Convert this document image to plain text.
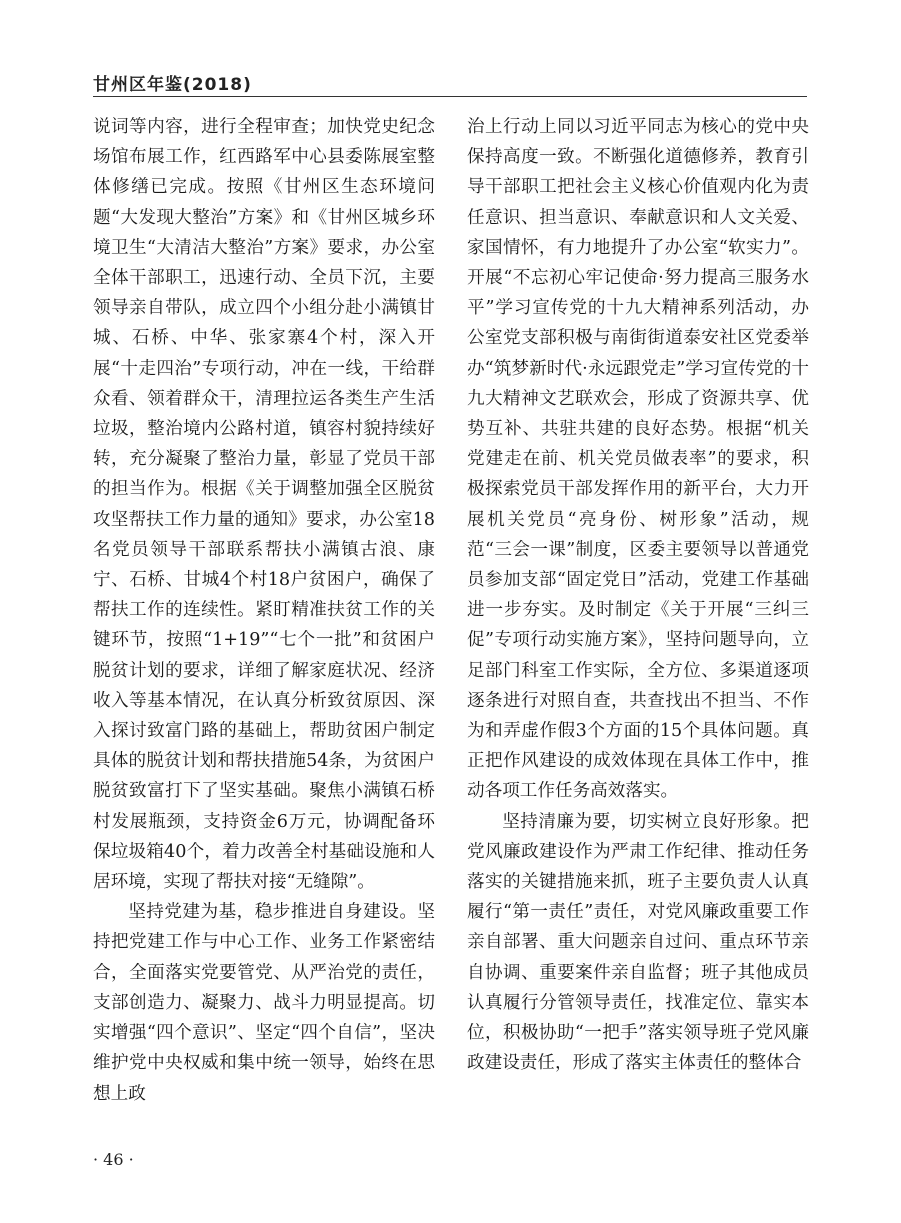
甘州区年鉴(2018)

说词等内容，进行全程审查；加快党史纪念场馆布展工作，红西路军中心县委陈展室整体修缮已完成。按照《甘州区生态环境问题“大发现大整治”方案》和《甘州区城乡环境卫生“大清洁大整治”方案》要求，办公室全体干部职工，迅速行动、全员下沉，主要领导亲自带队，成立四个小组分赴小满镇甘城、石桥、中华、张家寨4个村，深入开展“十走四治”专项行动，冲在一线，干给群众看、领着群众干，清理拉运各类生产生活垃圾，整治境内公路村道，镇容村貌持续好转，充分凝聚了整治力量，彰显了党员干部的担当作为。根据《关于调整加强全区脱贫攻坚帮扶工作力量的通知》要求，办公室18名党员领导干部联系帮扶小满镇古浪、康宁、石桥、甘城4个村18户贫困户，确保了帮扶工作的连续性。紧盯精准扶贫工作的关键环节，按照“1+19”“七个一批”和贫困户脱贫计划的要求，详细了解家庭状况、经济收入等基本情况，在认真分析致贫原因、深入探讨致富门路的基础上，帮助贫困户制定具体的脱贫计划和帮扶措施54条，为贫困户脱贫致富打下了坚实基础。聚焦小满镇石桥村发展瓶颈，支持资金6万元，协调配备环保垃圾箱40个，着力改善全村基础设施和人居环境，实现了帮扶对接“无缝隙”。

坚持党建为基，稳步推进自身建设。坚持把党建工作与中心工作、业务工作紧密结合，全面落实党要管党、从严治党的责任，支部创造力、凝聚力、战斗力明显提高。切实增强“四个意识”、坚定“四个自信”，坚决维护党中央权威和集中统一领导，始终在思想上政

治上行动上同以习近平同志为核心的党中央保持高度一致。不断强化道德修养，教育引导干部职工把社会主义核心价值观内化为责任意识、担当意识、奉献意识和人文关爱、家国情怀，有力地提升了办公室“软实力”。开展“不忘初心牢记使命·努力提高三服务水平”学习宣传党的十九大精神系列活动，办公室党支部积极与南街街道泰安社区党委举办“筑梦新时代·永远跟党走”学习宣传党的十九大精神文艺联欢会，形成了资源共享、优势互补、共驻共建的良好态势。根据“机关党建走在前、机关党员做表率”的要求，积极探索党员干部发挥作用的新平台，大力开展机关党员“亮身份、树形象”活动，规范“三会一课”制度，区委主要领导以普通党员参加支部“固定党日”活动，党建工作基础进一步夯实。及时制定《关于开展“三纠三促”专项行动实施方案》，坚持问题导向，立足部门科室工作实际，全方位、多渠道逐项逐条进行对照自查，共查找出不担当、不作为和弄虚作假3个方面的15个具体问题。真正把作风建设的成效体现在具体工作中，推动各项工作任务高效落实。

坚持清廉为要，切实树立良好形象。把党风廉政建设作为严肃工作纪律、推动任务落实的关键措施来抓，班子主要负责人认真履行“第一责任”责任，对党风廉政重要工作亲自部署、重大问题亲自过问、重点环节亲自协调、重要案件亲自监督；班子其他成员认真履行分管领导责任，找准定位、靠实本位，积极协助“一把手”落实领导班子党风廉政建设责任，形成了落实主体责任的整体合

· 46 ·
